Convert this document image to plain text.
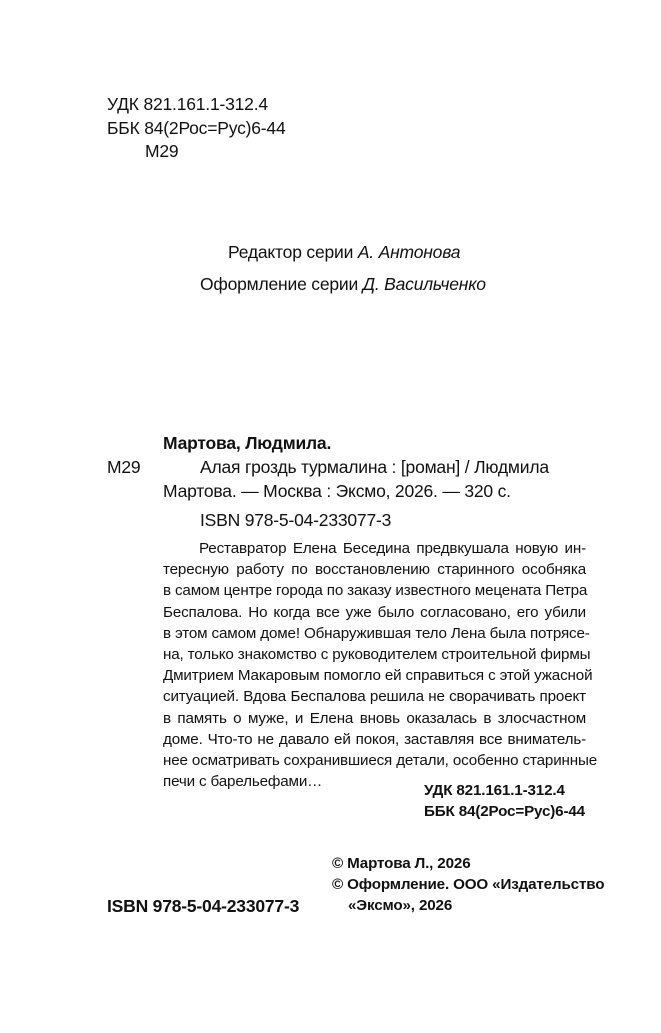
УДК 821.161.1-312.4
ББК 84(2Рос=Рус)6-44
М29
Редактор серии А. Антонова
Оформление серии Д. Васильченко
Мартова, Людмила.
М29	Алая гроздь турмалина : [роман] / Людмила
Мартова. — Москва : Эксмо, 2026. — 320 с.
ISBN 978-5-04-233077-3
Реставратор Елена Беседина предвкушала новую ин-
тересную работу по восстановлению старинного особняка
в самом центре города по заказу известного мецената Петра
Беспалова. Но когда все уже было согласовано, его убили
в этом самом доме! Обнаружившая тело Лена была потрясе-
на, только знакомство с руководителем строительной фирмы
Дмитрием Макаровым помогло ей справиться с этой ужасной
ситуацией. Вдова Беспалова решила не сворачивать проект
в память о муже, и Елена вновь оказалась в злосчастном
доме. Что-то не давало ей покоя, заставляя все вниматель-
нее осматривать сохранившиеся детали, особенно старинные
печи с барельефами…
УДК 821.161.1-312.4
ББК 84(2Рос=Рус)6-44
© Мартова Л., 2026
© Оформление. ООО «Издательство
«Эксмо», 2026
ISBN 978-5-04-233077-3
